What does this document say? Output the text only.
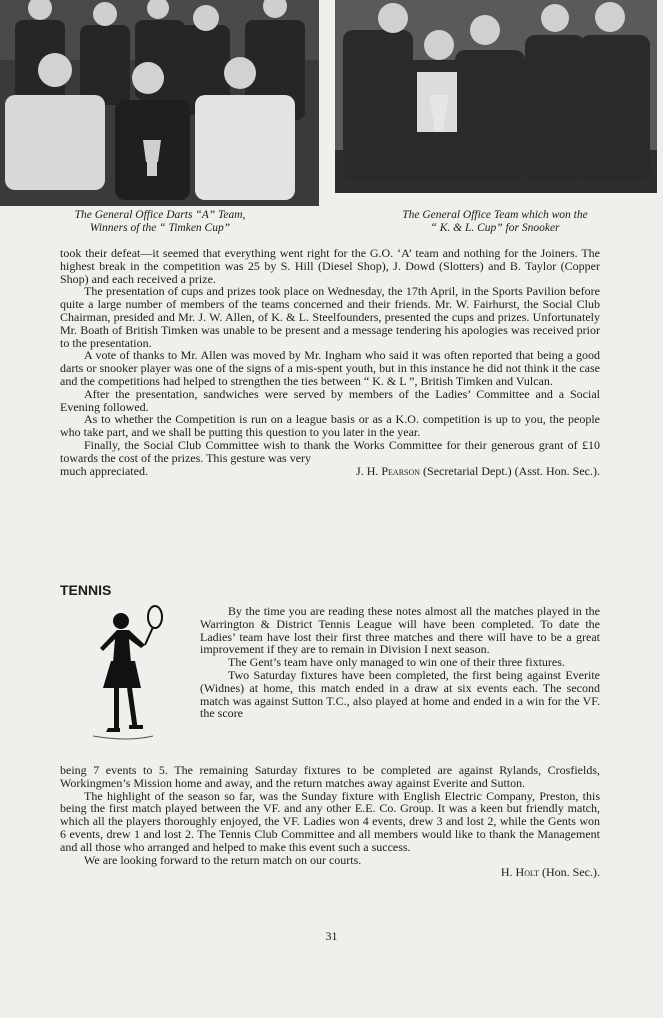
The General Office Darts “A” Team,
Winners of the “ Timken Cup”
The General Office Team which won the
“ K. & L. Cup” for Snooker

took their defeat—it seemed that everything went right for the G.O. ‘A’ team and nothing for the Joiners. The highest break in the competition was 25 by S. Hill (Diesel Shop), J. Dowd (Slotters) and B. Taylor (Copper Shop) and each received a prize.

The presentation of cups and prizes took place on Wednesday, the 17th April, in the Sports Pavilion before quite a large number of members of the teams concerned and their friends. Mr. W. Fairhurst, the Social Club Chairman, presided and Mr. J. W. Allen, of K. & L. Steelfounders, presented the cups and prizes. Unfortunately Mr. Boath of British Timken was unable to be present and a message tendering his apologies was received prior to the presentation.

A vote of thanks to Mr. Allen was moved by Mr. Ingham who said it was often reported that being a good darts or snooker player was one of the signs of a mis-spent youth, but in this instance he did not think it the case and the competitions had helped to strengthen the ties between “ K. & L ”, British Timken and Vulcan.

After the presentation, sandwiches were served by members of the Ladies’ Committee and a Social Evening followed.

As to whether the Competition is run on a league basis or as a K.O. competition is up to you, the people who take part, and we shall be putting this question to you later in the year.

Finally, the Social Club Committee wish to thank the Works Committee for their generous grant of £10 towards the cost of the prizes. This gesture was very

much appreciated.	J. H. Pearson (Secretarial Dept.) (Asst. Hon. Sec.).
TENNIS

By the time you are reading these notes almost all the matches played in the Warrington & District Tennis League will have been completed. To date the Ladies’ team have lost their first three matches and there will have to be a great improvement if they are to remain in Division I next season.

The Gent’s team have only managed to win one of their three fixtures.

Two Saturday fixtures have been completed, the first being against Everite (Widnes) at home, this match ended in a draw at six events each. The second match was against Sutton T.C., also played at home and ended in a win for the VF. the score

being 7 events to 5. The remaining Saturday fixtures to be completed are against Rylands, Crosfields, Workingmen’s Mission home and away, and the return matches away against Everite and Sutton.

The highlight of the season so far, was the Sunday fixture with English Electric Company, Preston, this being the first match played between the VF. and any other E.E. Co. Group. It was a keen but friendly match, which all the players thoroughly enjoyed, the VF. Ladies won 4 events, drew 3 and lost 2, while the Gents won 6 events, drew 1 and lost 2. The Tennis Club Committee and all members would like to thank the Management and all those who arranged and helped to make this event such a success.

We are looking forward to the return match on our courts.

H. Holt (Hon. Sec.).

31
